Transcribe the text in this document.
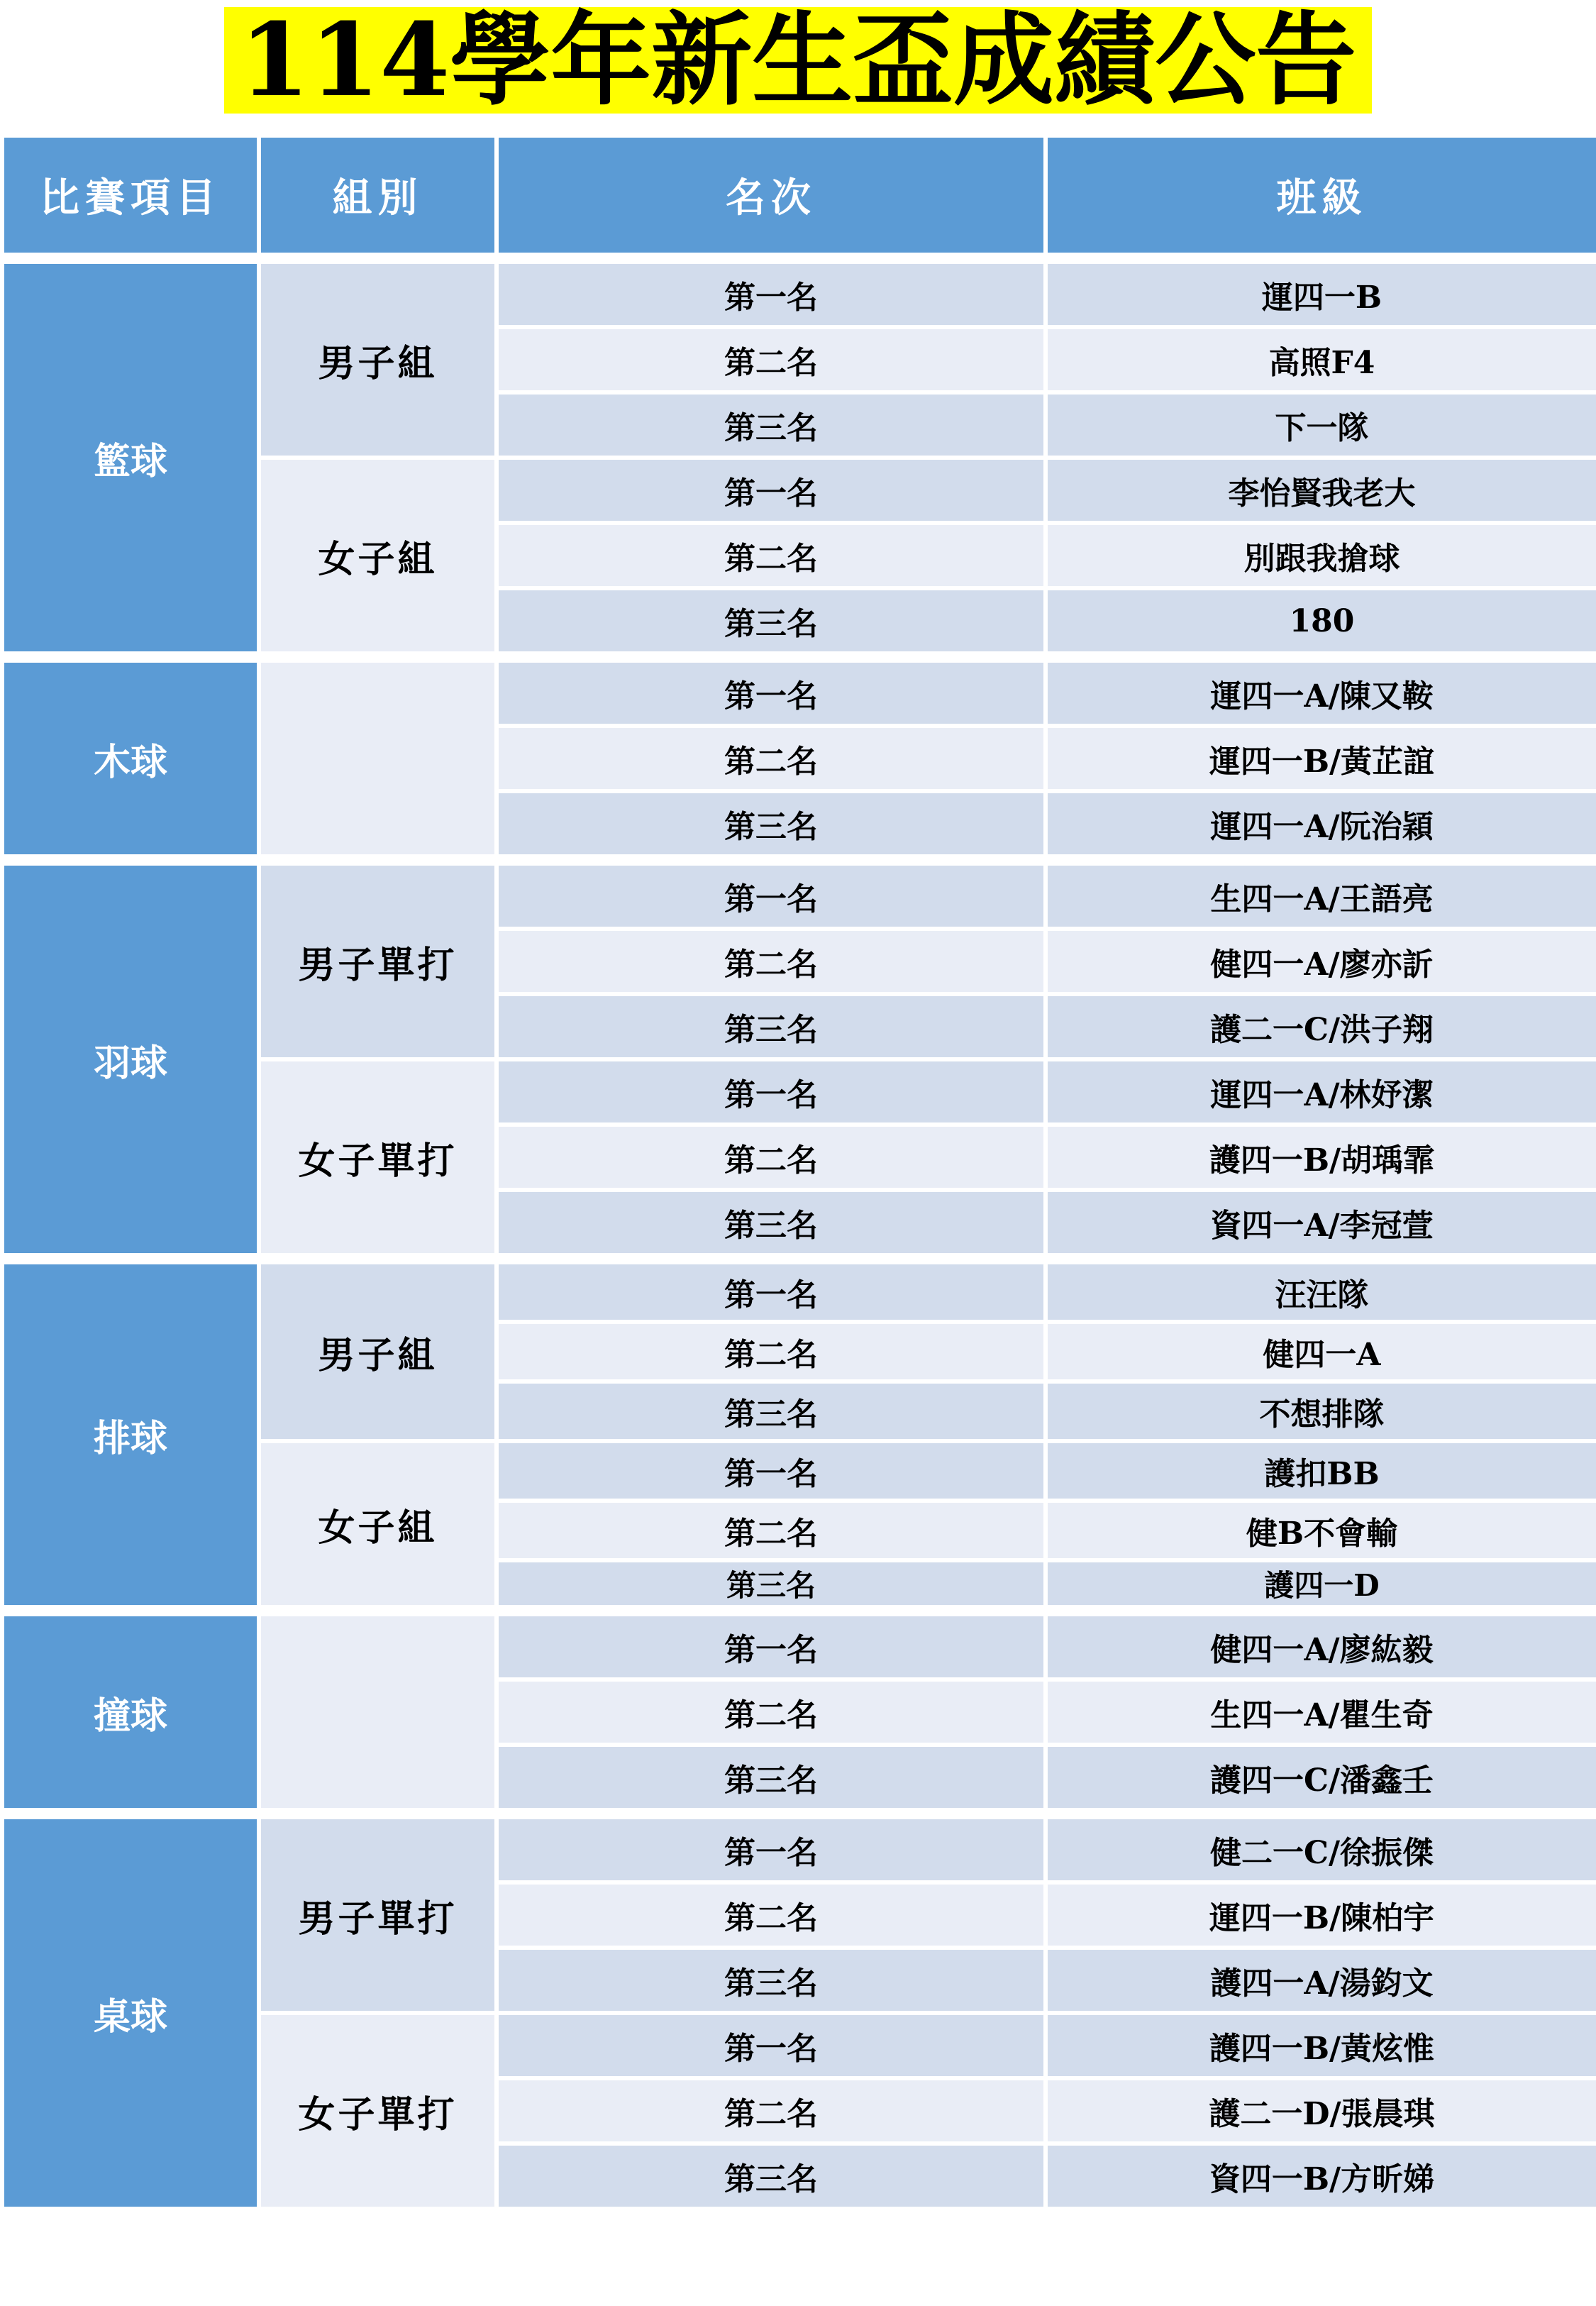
114學年新生盃成績公告
比賽項目	組別	名次	班級

籃球	男子組	第一名	運四一B
		第二名	高照F4
		第三名	下一隊
	女子組	第一名	李怡賢我老大
		第二名	別跟我搶球
		第三名	180

木球		第一名	運四一A/陳又鞍
		第二名	運四一B/黃芷誼
		第三名	運四一A/阮治穎

羽球	男子單打	第一名	生四一A/王語亮
		第二名	健四一A/廖亦訢
		第三名	護二一C/洪子翔
	女子單打	第一名	運四一A/林妤潔
		第二名	護四一B/胡瑀霏
		第三名	資四一A/李冠萱

排球	男子組	第一名	汪汪隊
		第二名	健四一A
		第三名	不想排隊
	女子組	第一名	護扣BB
		第二名	健B不會輸
		第三名	護四一D

撞球		第一名	健四一A/廖紘毅
		第二名	生四一A/瞿生奇
		第三名	護四一C/潘鑫壬

桌球	男子單打	第一名	健二一C/徐振傑
		第二名	運四一B/陳柏宇
		第三名	護四一A/湯鈞文
	女子單打	第一名	護四一B/黃炫惟
		第二名	護二一D/張晨琪
		第三名	資四一B/方昕娣
